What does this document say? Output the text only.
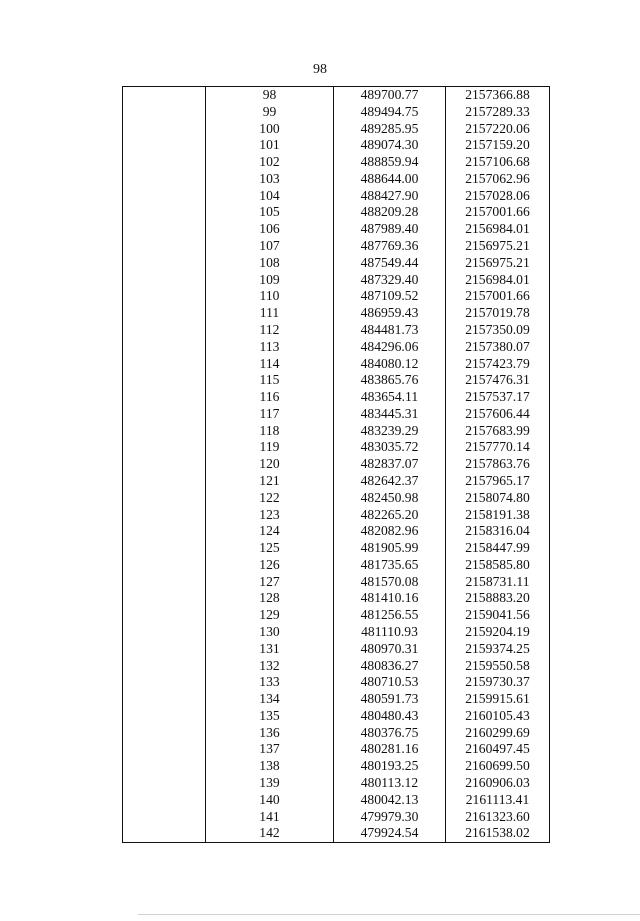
98
	98	489700.77	2157366.88
	99	489494.75	2157289.33
	100	489285.95	2157220.06
	101	489074.30	2157159.20
	102	488859.94	2157106.68
	103	488644.00	2157062.96
	104	488427.90	2157028.06
	105	488209.28	2157001.66
	106	487989.40	2156984.01
	107	487769.36	2156975.21
	108	487549.44	2156975.21
	109	487329.40	2156984.01
	110	487109.52	2157001.66
	111	486959.43	2157019.78
	112	484481.73	2157350.09
	113	484296.06	2157380.07
	114	484080.12	2157423.79
	115	483865.76	2157476.31
	116	483654.11	2157537.17
	117	483445.31	2157606.44
	118	483239.29	2157683.99
	119	483035.72	2157770.14
	120	482837.07	2157863.76
	121	482642.37	2157965.17
	122	482450.98	2158074.80
	123	482265.20	2158191.38
	124	482082.96	2158316.04
	125	481905.99	2158447.99
	126	481735.65	2158585.80
	127	481570.08	2158731.11
	128	481410.16	2158883.20
	129	481256.55	2159041.56
	130	481110.93	2159204.19
	131	480970.31	2159374.25
	132	480836.27	2159550.58
	133	480710.53	2159730.37
	134	480591.73	2159915.61
	135	480480.43	2160105.43
	136	480376.75	2160299.69
	137	480281.16	2160497.45
	138	480193.25	2160699.50
	139	480113.12	2160906.03
	140	480042.13	2161113.41
	141	479979.30	2161323.60
	142	479924.54	2161538.02
